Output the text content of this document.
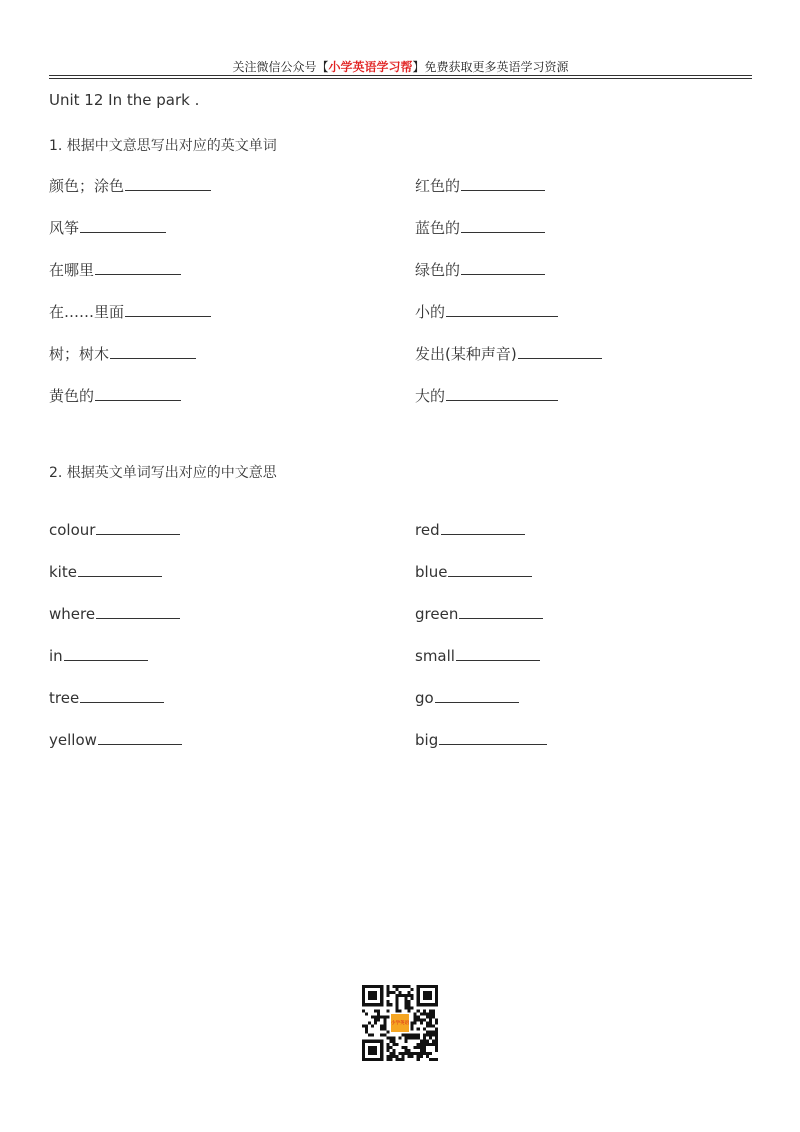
关注微信公众号【小学英语学习帮】免费获取更多英语学习资源
Unit 12 In the park .
1. 根据中文意思写出对应的英文单词
颜色；涂色
风筝
在哪里
在……里面
树；树木
黄色的
红色的
蓝色的
绿色的
小的
发出(某种声音)
大的
2. 根据英文单词写出对应的中文意思
colour
kite
where
in
tree
yellow
red
blue
green
small
go
big
小学英语
